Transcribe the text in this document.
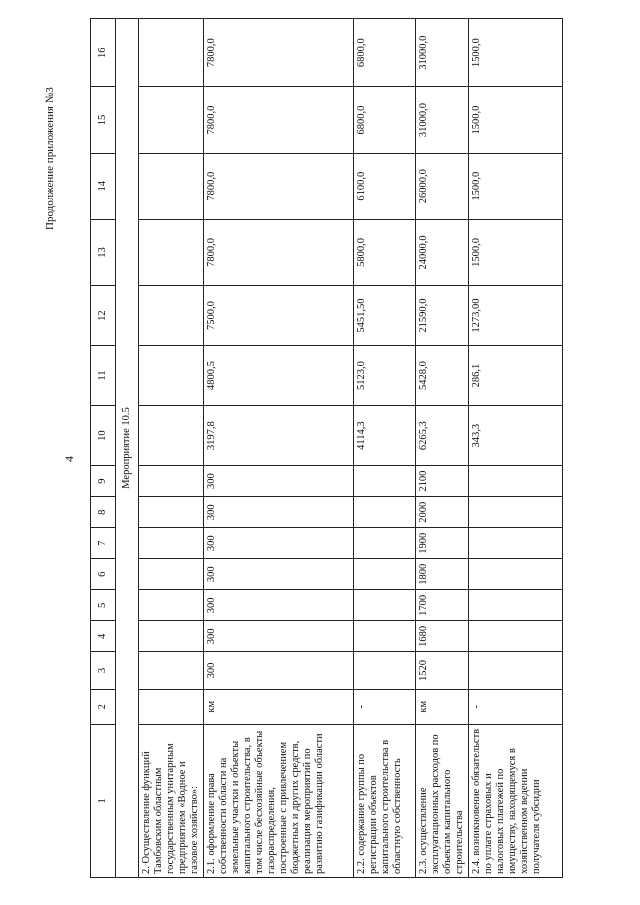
4
Продолжение приложения №3
1	2	3	4	5	6	7	8	9	10	11	12	13	14	15	16
Мероприятие 10.5															
2. Осуществление функций Тамбовским областным государственным унитарным предприятием «Водное и газовое хозяйство»:															
2.1. оформление права собственности области на земельные участки и объекты капитального строительства, в том числе бесхозяйные объекты газораспределения, построенные с привлечением бюджетных и других средств, реализация мероприятий по развитию газификации области	км	300	300	300	300	300	300	300	3197,8	4800,5	7500,0	7800,0	7800,0	7800,0	7800,0
2.2. содержание группы по регистрации объектов капитального строительства в областную собственность	-								4114,3	5123,0	5451,50	5800,0	6100,0	6800,0	6800,0
2.3. осуществление эксплуатационных расходов по объектам капитального строительства	км	1520	1680	1700	1800	1900	2000	2100	6265,3	5428,0	21590,0	24000,0	26000,0	31000,0	31000,0
2.4. возникновение обязательств по уплате страховых и налоговых платежей по имуществу, находящемуся в хозяйственном ведении получателя субсидии	-								343,3	286,1	1273,00	1500,0	1500,0	1500,0	1500,0
